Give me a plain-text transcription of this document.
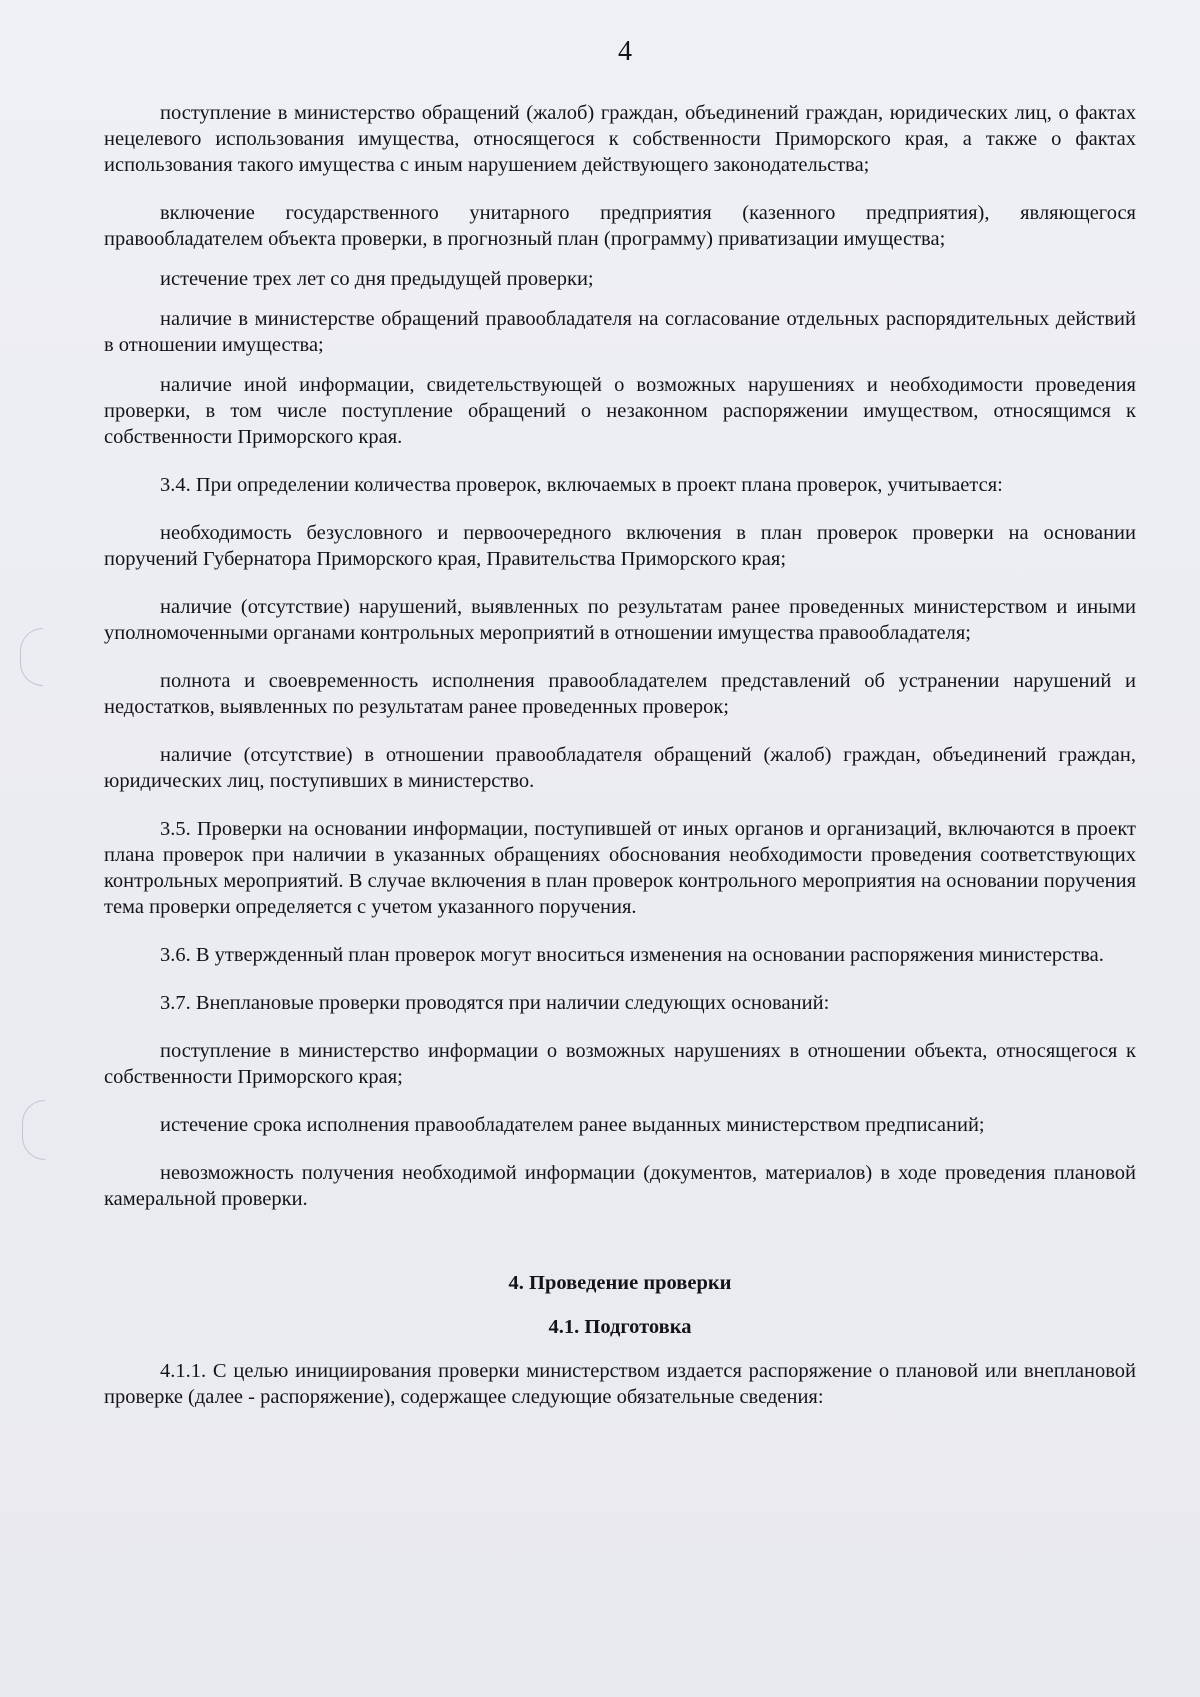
4

поступление в министерство обращений (жалоб) граждан, объединений граждан, юридических лиц, о фактах нецелевого использования имущества, относящегося к собственности Приморского края, а также о фактах использования такого имущества с иным нарушением действующего законодательства;

включение государственного унитарного предприятия (казенного предприятия), являющегося правообладателем объекта проверки, в прогнозный план (программу) приватизации имущества;

истечение трех лет со дня предыдущей проверки;

наличие в министерстве обращений правообладателя на согласование отдельных распорядительных действий в отношении имущества;

наличие иной информации, свидетельствующей о возможных нарушениях и необходимости проведения проверки, в том числе поступление обращений о незаконном распоряжении имуществом, относящимся к собственности Приморского края.

3.4. При определении количества проверок, включаемых в проект плана проверок, учитывается:

необходимость безусловного и первоочередного включения в план проверок проверки на основании поручений Губернатора Приморского края, Правительства Приморского края;

наличие (отсутствие) нарушений, выявленных по результатам ранее проведенных министерством и иными уполномоченными органами контрольных мероприятий в отношении имущества правообладателя;

полнота и своевременность исполнения правообладателем представлений об устранении нарушений и недостатков, выявленных по результатам ранее проведенных проверок;

наличие (отсутствие) в отношении правообладателя обращений (жалоб) граждан, объединений граждан, юридических лиц, поступивших в министерство.

3.5. Проверки на основании информации, поступившей от иных органов и организаций, включаются в проект плана проверок при наличии в указанных обращениях обоснования необходимости проведения соответствующих контрольных мероприятий. В случае включения в план проверок контрольного мероприятия на основании поручения тема проверки определяется с учетом указанного поручения.

3.6. В утвержденный план проверок могут вноситься изменения на основании распоряжения министерства.

3.7. Внеплановые проверки проводятся при наличии следующих оснований:

поступление в министерство информации о возможных нарушениях в отношении объекта, относящегося к собственности Приморского края;

истечение срока исполнения правообладателем ранее выданных министерством предписаний;

невозможность получения необходимой информации (документов, материалов) в ходе проведения плановой камеральной проверки.

4. Проведение проверки
4.1. Подготовка

4.1.1. С целью инициирования проверки министерством издается распоряжение о плановой или внеплановой проверке (далее - распоряжение), содержащее следующие обязательные сведения:
